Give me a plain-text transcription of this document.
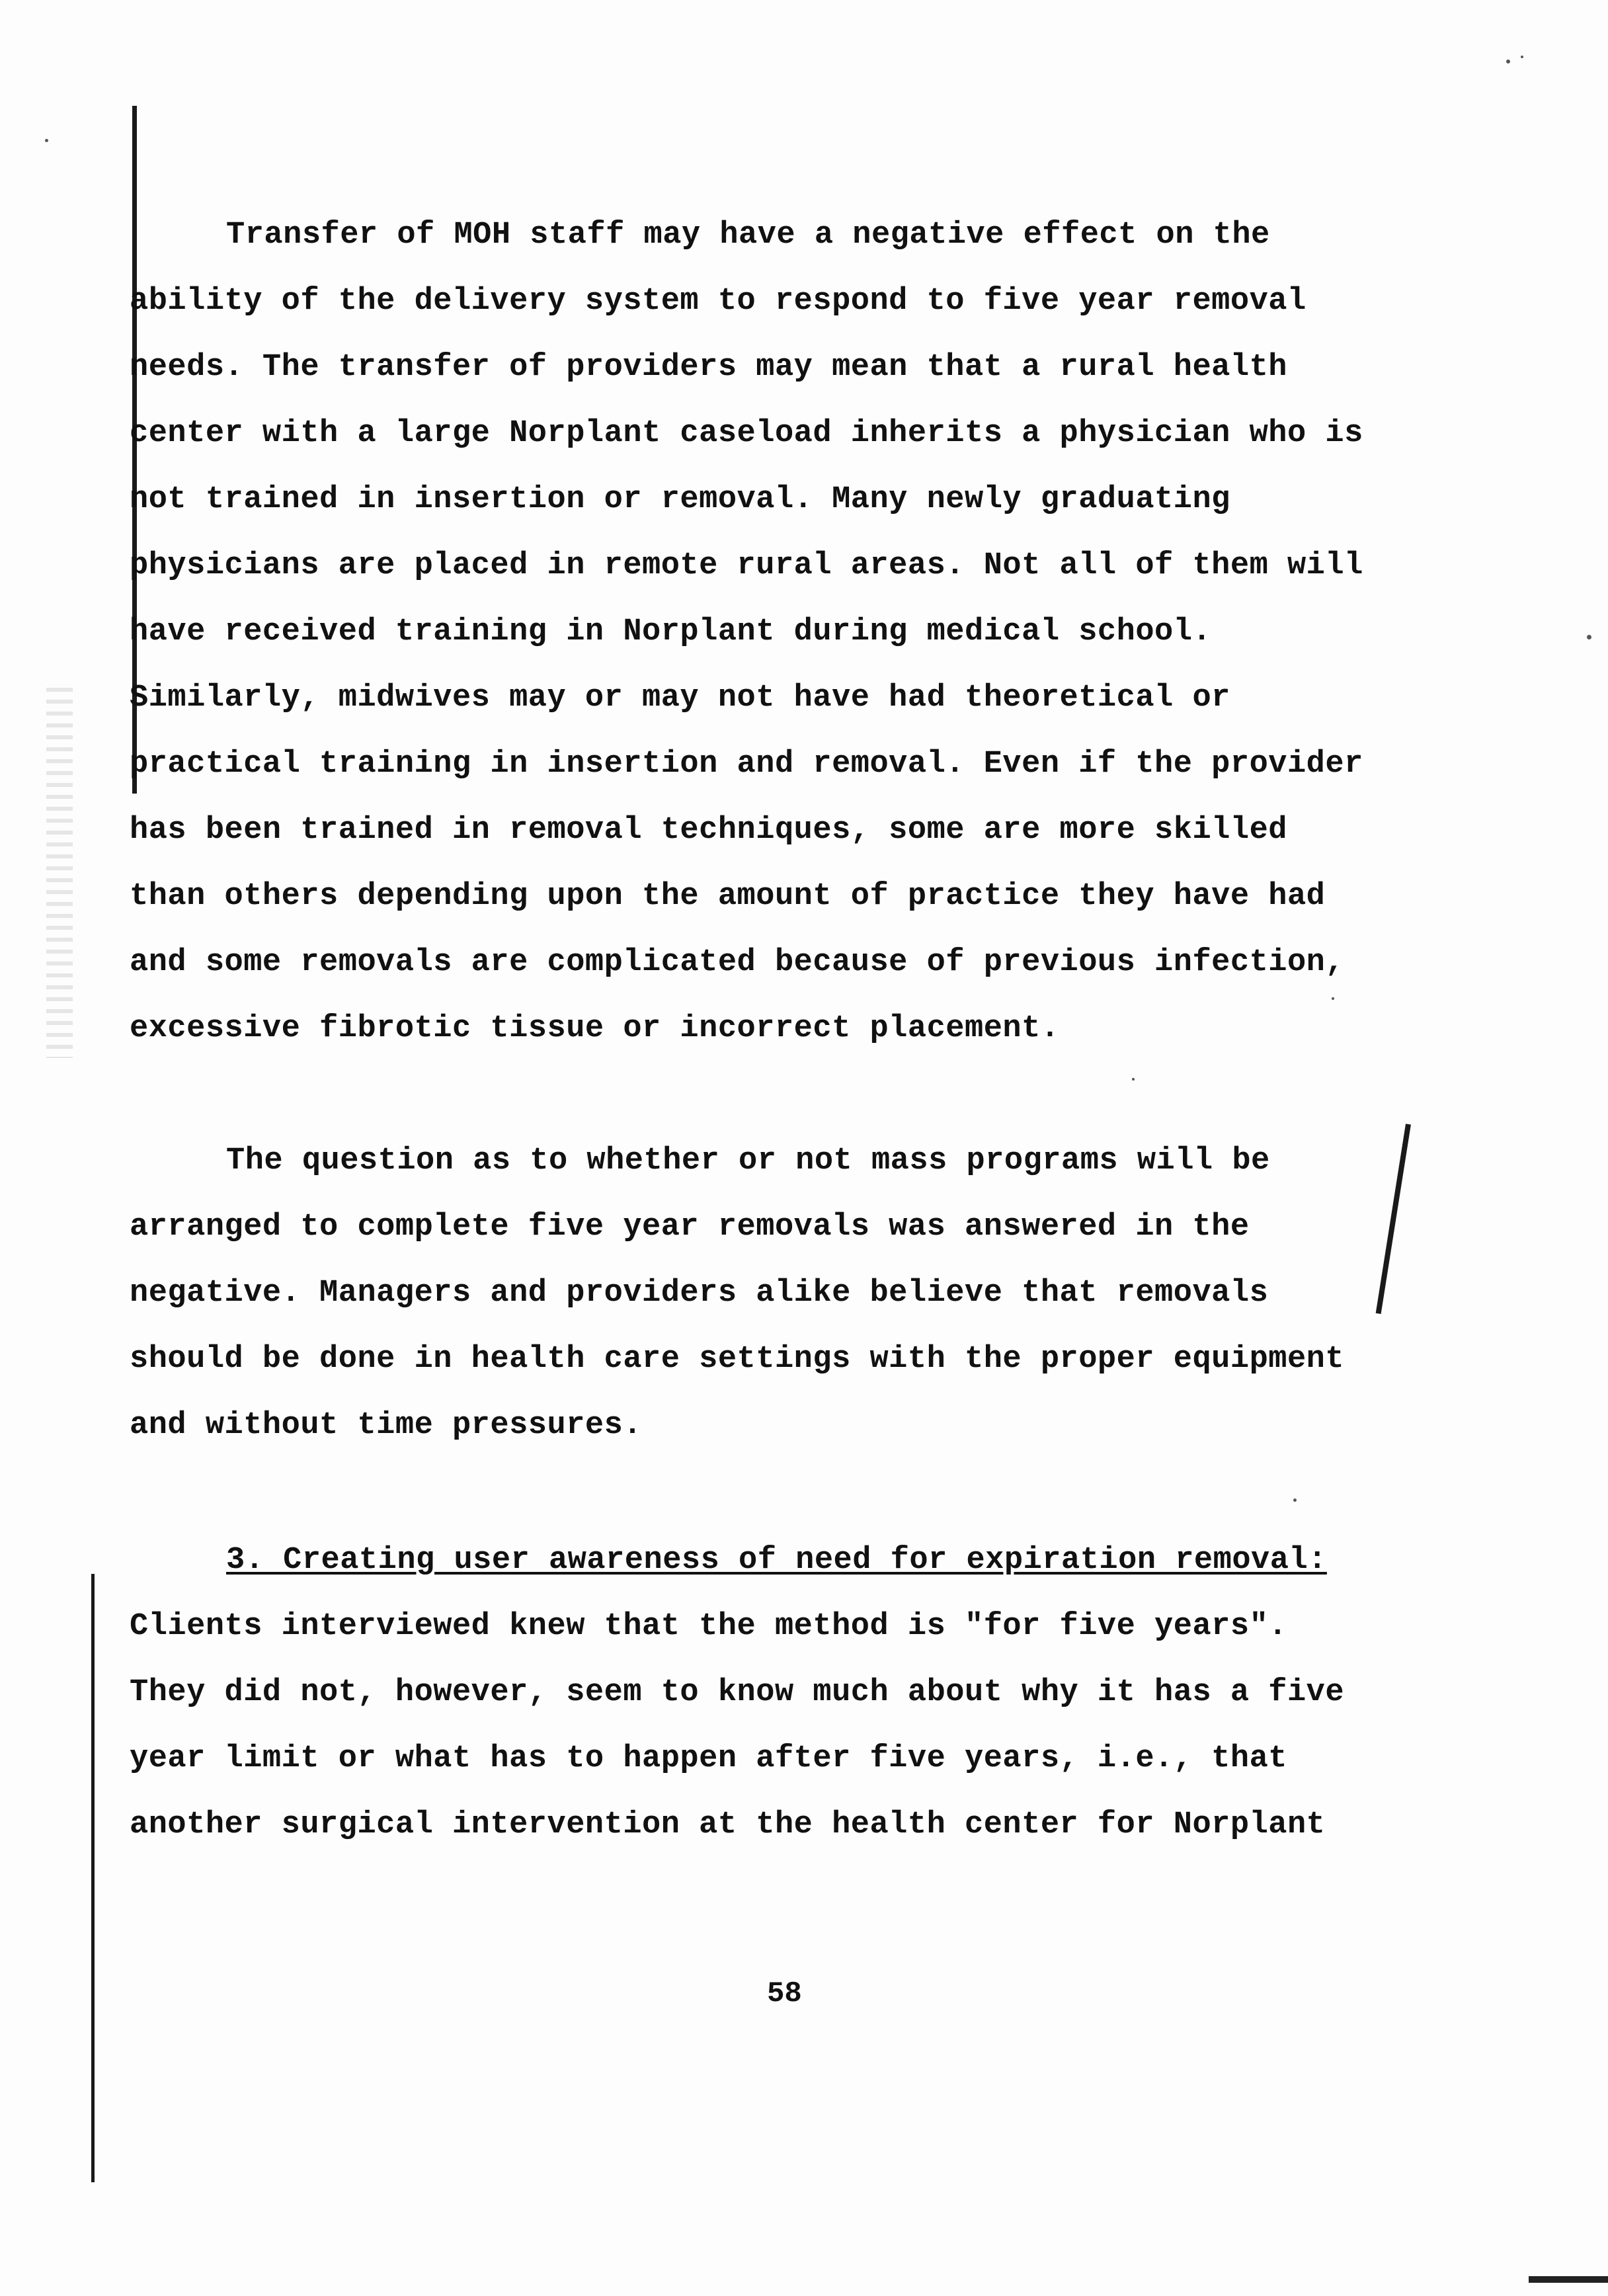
Transfer of MOH staff may have a negative effect on the
ability of the delivery system to respond to five year removal
needs. The transfer of providers may mean that a rural health
center with a large Norplant caseload inherits a physician who is
not trained in insertion or removal. Many newly graduating
physicians are placed in remote rural areas. Not all of them will
have received training in Norplant during medical school.
Similarly, midwives may or may not have had theoretical or
practical training in insertion and removal. Even if the provider
has been trained in removal techniques, some are more skilled
than others depending upon the amount of practice they have had
and some removals are complicated because of previous infection,
excessive fibrotic tissue or incorrect placement.
The question as to whether or not mass programs will be
arranged to complete five year removals was answered in the
negative. Managers and providers alike believe that removals
should be done in health care settings with the proper equipment
and without time pressures.
3. Creating user awareness of need for expiration removal:
Clients interviewed knew that the method is "for five years".
They did not, however, seem to know much about why it has a five
year limit or what has to happen after five years, i.e., that
another surgical intervention at the health center for Norplant
58
